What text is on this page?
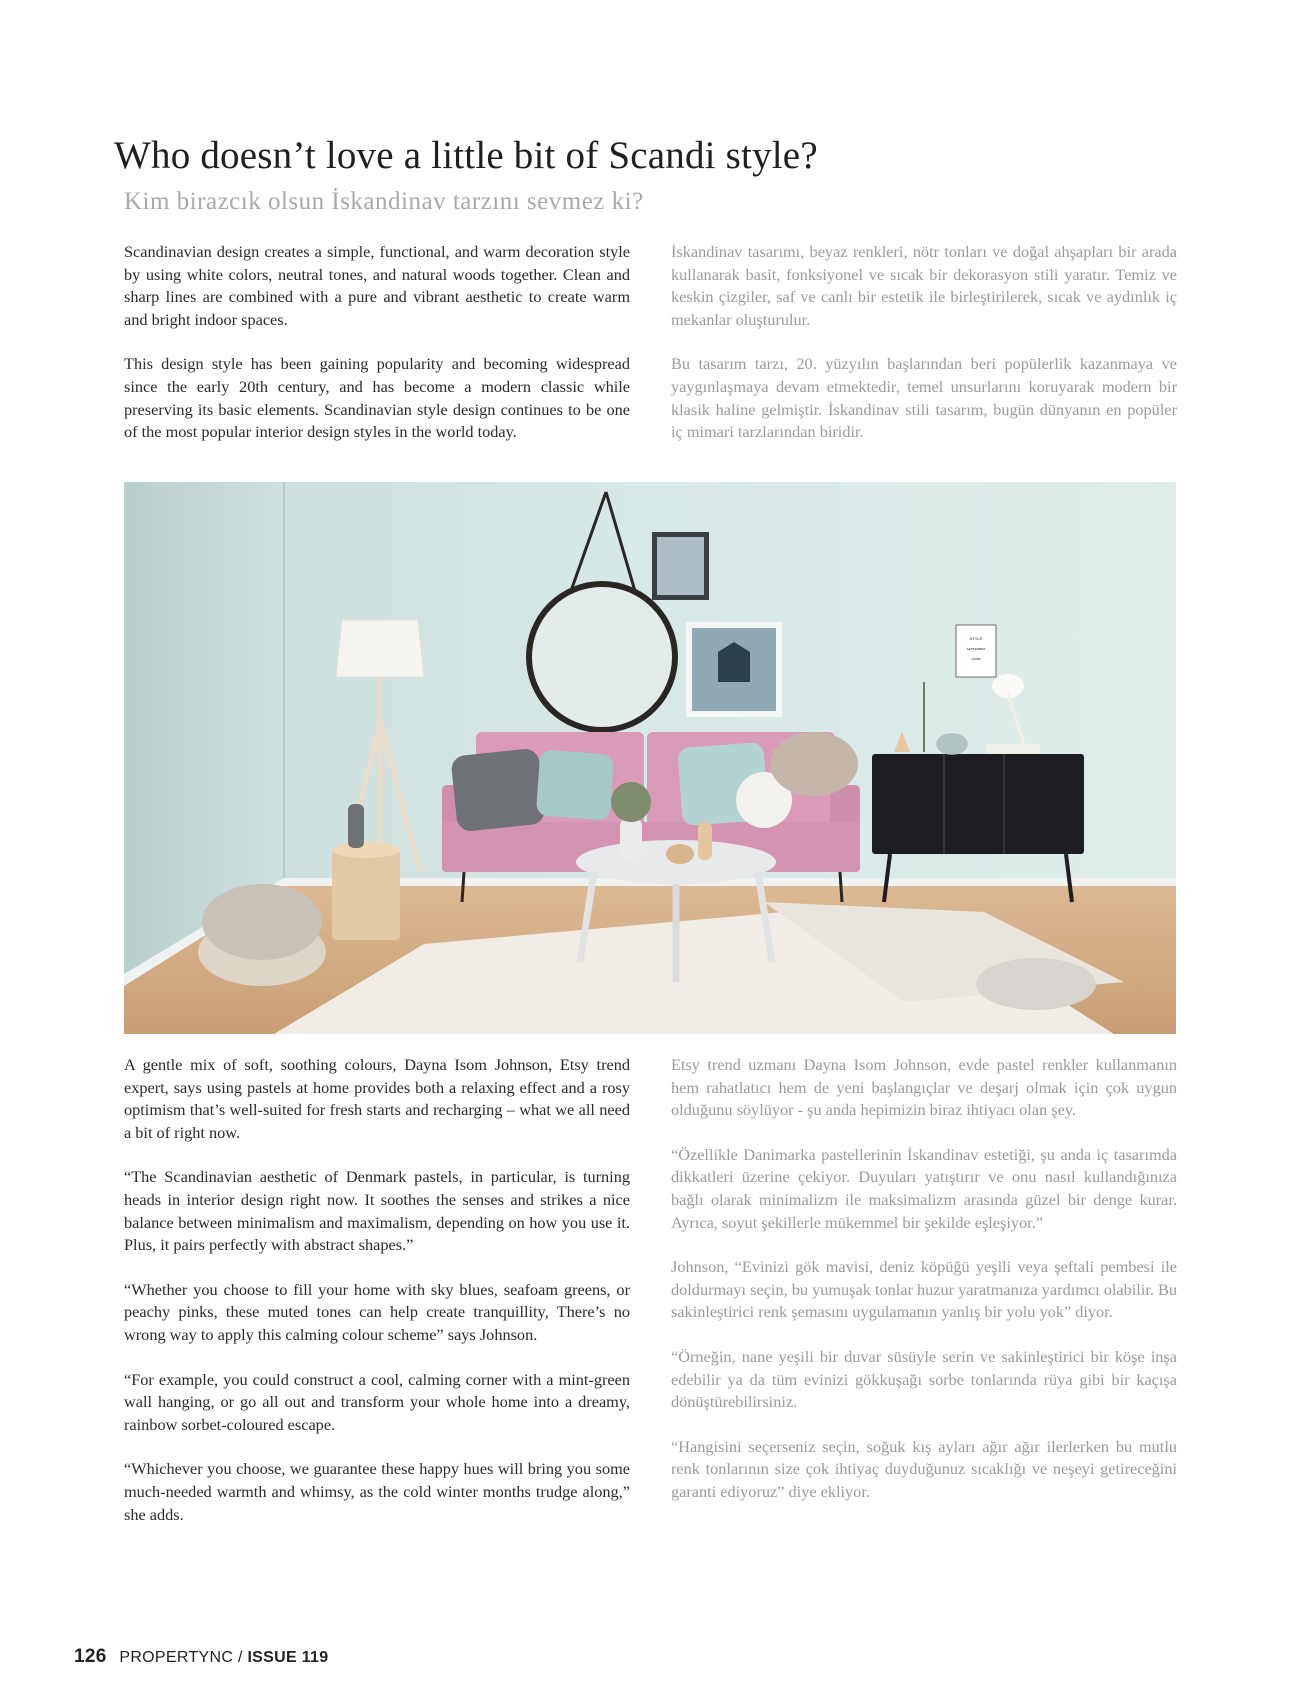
Who doesn’t love a little bit of Scandi style?
Kim birazcık olsun İskandinav tarzını sevmez ki?

Scandinavian design creates a simple, functional, and warm decoration style by using white colors, neutral tones, and natural woods together. Clean and sharp lines are combined with a pure and vibrant aesthetic to create warm and bright indoor spaces.

This design style has been gaining popularity and becoming widespread since the early 20th century, and has become a modern classic while preserving its basic elements. Scandinavian style design continues to be one of the most popular interior design styles in the world today.

İskandinav tasarımı, beyaz renkleri, nötr tonları ve doğal ahşapları bir arada kullanarak basit, fonksiyonel ve sıcak bir dekorasyon stili yaratır. Temiz ve keskin çizgiler, saf ve canlı bir estetik ile birleştirilerek, sıcak ve aydınlık iç mekanlar oluşturulur.

Bu tasarım tarzı, 20. yüzyılın başlarından beri popülerlik kazanmaya ve yaygınlaşmaya devam etmektedir, temel unsurlarını koruyarak modern bir klasik haline gelmiştir. İskandinav stili tasarım, bugün dünyanın en popüler iç mimari tarzlarından biridir.

STYLE
SEPTEMBER
HOME

A gentle mix of soft, soothing colours, Dayna Isom Johnson, Etsy trend expert, says using pastels at home provides both a relaxing effect and a rosy optimism that’s well-suited for fresh starts and recharging – what we all need a bit of right now.

“The Scandinavian aesthetic of Denmark pastels, in particular, is turning heads in interior design right now. It soothes the senses and strikes a nice balance between minimalism and maximalism, depending on how you use it. Plus, it pairs perfectly with abstract shapes.”

“Whether you choose to fill your home with sky blues, seafoam greens, or peachy pinks, these muted tones can help create tranquillity, There’s no wrong way to apply this calming colour scheme” says Johnson.

“For example, you could construct a cool, calming corner with a mint-green wall hanging, or go all out and transform your whole home into a dreamy, rainbow sorbet-coloured escape.

“Whichever you choose, we guarantee these happy hues will bring you some much-needed warmth and whimsy, as the cold winter months trudge along,” she adds.

Etsy trend uzmanı Dayna Isom Johnson, evde pastel renkler kullanmanın hem rahatlatıcı hem de yeni başlangıçlar ve deşarj olmak için çok uygun olduğunu söylüyor - şu anda hepimizin biraz ihtiyacı olan şey.

“Özellikle Danimarka pastellerinin İskandinav estetiği, şu anda iç tasarımda dikkatleri üzerine çekiyor. Duyuları yatıştırır ve onu nasıl kullandığınıza bağlı olarak minimalizm ile maksimalizm arasında güzel bir denge kurar. Ayrıca, soyut şekillerle mükemmel bir şekilde eşleşiyor.”

Johnson, “Evinizi gök mavisi, deniz köpüğü yeşili veya şeftali pembesi ile doldurmayı seçin, bu yumuşak tonlar huzur yaratmanıza yardımcı olabilir. Bu sakinleştirici renk şemasını uygulamanın yanlış bir yolu yok” diyor.

“Örneğin, nane yeşili bir duvar süsüyle serin ve sakinleştirici bir köşe inşa edebilir ya da tüm evinizi gökkuşağı sorbe tonlarında rüya gibi bir kaçışa dönüştürebilirsiniz.

“Hangisini seçerseniz seçin, soğuk kış ayları ağır ağır ilerlerken bu mutlu renk tonlarının size çok ihtiyaç duyduğunuz sıcaklığı ve neşeyi getireceğini garanti ediyoruz” diye ekliyor.

126 PROPERTYNC / ISSUE 119
